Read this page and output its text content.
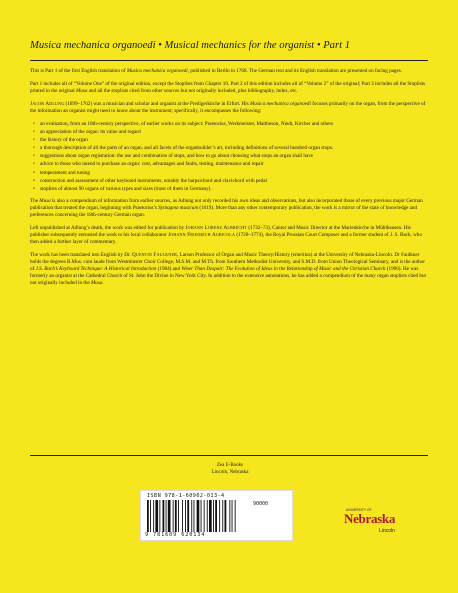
Musica mechanica organoedi • Musical mechanics for the organist • Part 1

This is Part 1 of the first English translation of Musica mechanica organoedi, published in Berlin in 1768. The German text and its English translation are presented on facing pages.

Part 1 includes all of “Volume One” of the original edition, except the Stoplists from Chapter 10. Part 2 of this edition includes all of “Volume 2” of the original; Part 3 includes all the Stoplists printed in the original Musa and all the stoplists cited from other sources but not originally included, plus bibliography, index, etc.

Jacob Adlung (1699–1762) was a musician and scholar and organist at the Predigerkirche in Erfurt. His Musica mechanica organoedi focuses primarily on the organ, from the perspective of the information an organist might need to know about the instrument; specifically, it encompasses the following:

• an evaluation, from an 18th-century perspective, of earlier works on its subject: Praetorius, Werkmeister, Mattheson, Niedt, Kircher and others
• an appreciation of the organ: its value and regard
• the history of the organ
• a thorough description of all the parts of an organ, and all facets of the organbuilder’s art, including definitions of several hundred organ stops.
• suggestions about organ registration: the use and combination of stops, and how to go about choosing what stops an organ shall have
• advice to those who intend to purchase an organ: cost, advantages and faults, testing, maintenance and repair
• temperament and tuning
• construction and assessment of other keyboard instruments, notably the harpsichord and clavichord with pedal
• stoplists of almost 90 organs of various types and sizes (most of them in Germany).

The Musa is also a compendium of information from earlier sources, as Adlung not only recorded his own ideas and observations, but also incorporated those of every previous major German publication that treated the organ, beginning with Praetorius’s Syntagma musicum (1619). More than any other contemporary publication, the work is a mirror of the state of knowledge and preferences concerning the 18th-century German organ.

Left unpublished at Adlung’s death, the work was edited for publication by Johann Lorenz Albrecht (1732–73), Cantor and Music Director at the Marienkirche in Mühlhausen. His publisher subsequently entrusted the work to his local collaborator Johann Friedrich Agricola (1720–1774), the Royal Prussian Court Composer and a former student of J. S. Bach, who then added a further layer of commentary.

The work has been translated into English by Dr. Quentin Faulkner, Larson Professor of Organ and Music Theory/History (emeritus) at the University of Nebraska-Lincoln. Dr Faulkner holds the degrees B.Mus. cum laude from Westminster Choir College, M.S.M. and M.Th. from Southern Methodist University, and S.M.D. from Union Theological Seminary, and is the author of J.S. Bach’s Keyboard Technique: A Historical Introduction (1984) and Wiser Than Despair: The Evolution of Ideas in the Relationship of Music and the Christian Church (1996). He was formerly an organist at the Cathedral Church of St. John the Divine in New York City. In addition to the extensive annotations, he has added a compendium of the many organ stoplists cited but not originally included in the Musa.

Zea E-Books
Lincoln, Nebraska
ISBN 978-1-60962-013-4
90000
9 781609 620134
UNIVERSITY OF
Nebraska
Lincoln
